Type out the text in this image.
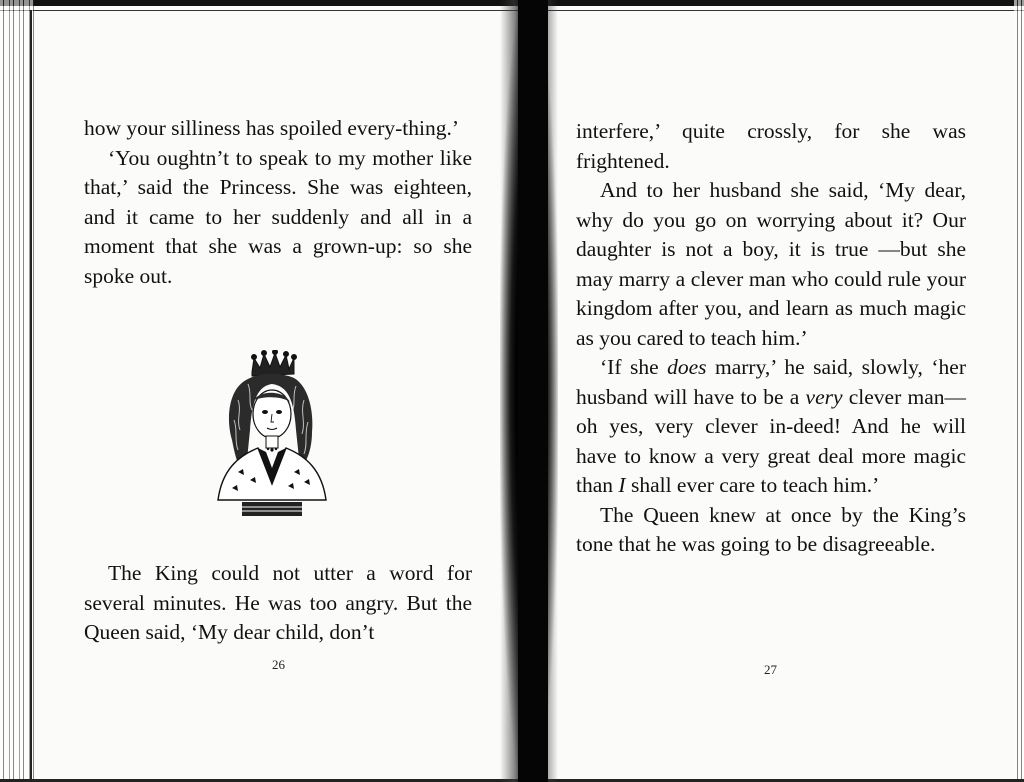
how your silliness has spoiled every-thing.’

‘You oughtn’t to speak to my mother like that,’ said the Princess. She was eighteen, and it came to her suddenly and all in a moment that she was a grown-up: so she spoke out.

The King could not utter a word for several minutes. He was too angry. But the Queen said, ‘My dear child, don’t

26

interfere,’ quite crossly, for she was frightened.

And to her husband she said, ‘My dear, why do you go on worrying about it? Our daughter is not a boy, it is true —but she may marry a clever man who could rule your kingdom after you, and learn as much magic as you cared to teach him.’

‘If she does marry,’ he said, slowly, ‘her husband will have to be a very clever man—oh yes, very clever in-deed! And he will have to know a very great deal more magic than I shall ever care to teach him.’

The Queen knew at once by the King’s tone that he was going to be disagreeable.

27
